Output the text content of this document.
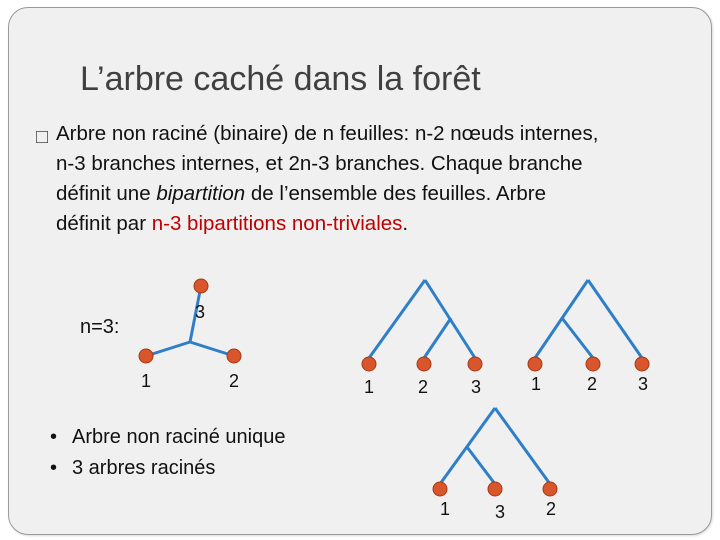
L’arbre caché dans la forêt
□ Arbre non raciné (binaire) de n feuilles: n-2 nœuds internes,
n-3 branches internes, et 2n-3 branches. Chaque branche
définit une bipartition de l’ensemble des feuilles. Arbre
définit par n-3 bipartitions non-triviales.
n=3:
3
1	2	1 2 3	1	2 3
1 3 2
• Arbre non raciné unique
• 3 arbres racinés
